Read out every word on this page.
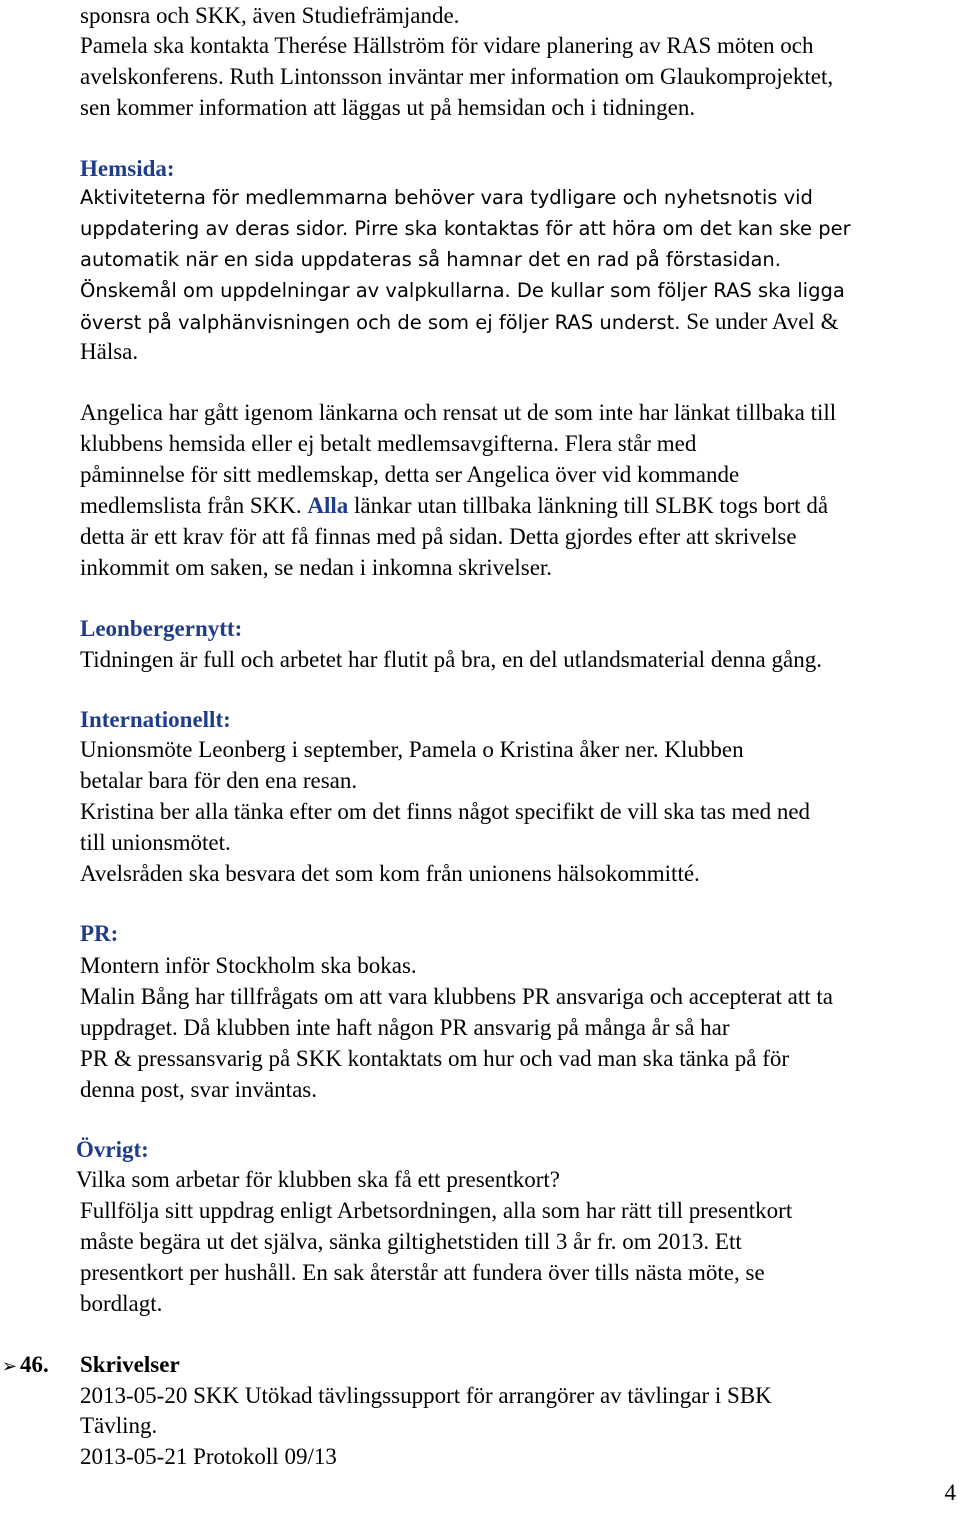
sponsra och SKK, även Studiefrämjande.
Pamela ska kontakta Therése Hällström för vidare planering av RAS möten och
avelskonferens. Ruth Lintonsson inväntar mer information om Glaukomprojektet,
sen kommer information att läggas ut på hemsidan och i tidningen.
Hemsida:
Aktiviteterna för medlemmarna behöver vara tydligare och nyhetsnotis vid
uppdatering av deras sidor. Pirre ska kontaktas för att höra om det kan ske per
automatik när en sida uppdateras så hamnar det en rad på förstasidan.
Önskemål om uppdelningar av valpkullarna. De kullar som följer RAS ska ligga
överst på valphänvisningen och de som ej följer RAS underst. Se under Avel &
Hälsa.
Angelica har gått igenom länkarna och rensat ut de som inte har länkat tillbaka till
klubbens hemsida eller ej betalt medlemsavgifterna. Flera står med
påminnelse för sitt medlemskap, detta ser Angelica över vid kommande
medlemslista från SKK. Alla länkar utan tillbaka länkning till SLBK togs bort då
detta är ett krav för att få finnas med på sidan. Detta gjordes efter att skrivelse
inkommit om saken, se nedan i inkomna skrivelser.
Leonbergernytt:
Tidningen är full och arbetet har flutit på bra, en del utlandsmaterial denna gång.
Internationellt:
Unionsmöte Leonberg i september, Pamela o Kristina åker ner. Klubben
betalar bara för den ena resan.
Kristina ber alla tänka efter om det finns något specifikt de vill ska tas med ned
till unionsmötet.
Avelsråden ska besvara det som kom från unionens hälsokommitté.
PR:
Montern inför Stockholm ska bokas.
Malin Bång har tillfrågats om att vara klubbens PR ansvariga och accepterat att ta
uppdraget. Då klubben inte haft någon PR ansvarig på många år så har
PR & pressansvarig på SKK kontaktats om hur och vad man ska tänka på för
denna post, svar inväntas.
Övrigt:
Vilka som arbetar för klubben ska få ett presentkort?
Fullfölja sitt uppdrag enligt Arbetsordningen, alla som har rätt till presentkort
måste begära ut det själva, sänka giltighetstiden till 3 år fr. om 2013. Ett
presentkort per hushåll. En sak återstår att fundera över tills nästa möte, se
bordlagt.
➢ 46. Skrivelser
2013-05-20 SKK Utökad tävlingssupport för arrangörer av tävlingar i SBK
Tävling.
2013-05-21 Protokoll 09/13
4
